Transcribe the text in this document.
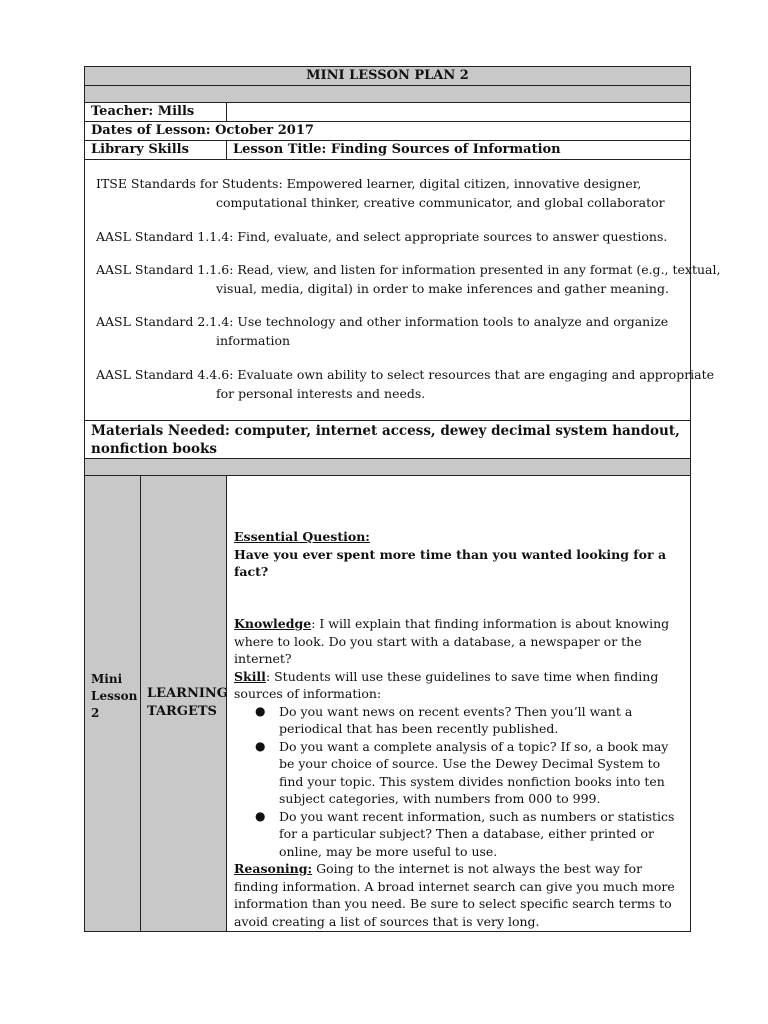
MINI LESSON PLAN 2
Teacher: Mills
Dates of Lesson: October 2017
Library Skills	Lesson Title: Finding Sources of Information
ITSE Standards for Students: Empowered learner, digital citizen, innovative designer,
computational thinker, creative communicator, and global collaborator
AASL Standard 1.1.4: Find, evaluate, and select appropriate sources to answer questions.
AASL Standard 1.1.6: Read, view, and listen for information presented in any format (e.g., textual,
visual, media, digital) in order to make inferences and gather meaning.
AASL Standard 2.1.4: Use technology and other information tools to analyze and organize
information
AASL Standard 4.4.6: Evaluate own ability to select resources that are engaging and appropriate
for personal interests and needs.
Materials Needed: computer, internet access, dewey decimal system handout, nonfiction books
Mini Lesson 2
LEARNING TARGETS
Essential Question:
Have you ever spent more time than you wanted looking for a fact?
Knowledge: I will explain that finding information is about knowing where to look. Do you start with a database, a newspaper or the internet?
Skill: Students will use these guidelines to save time when finding sources of information:
● Do you want news on recent events? Then you’ll want a periodical that has been recently published.
● Do you want a complete analysis of a topic? If so, a book may be your choice of source. Use the Dewey Decimal System to find your topic. This system divides nonfiction books into ten subject categories, with numbers from 000 to 999.
● Do you want recent information, such as numbers or statistics for a particular subject? Then a database, either printed or online, may be more useful to use.
Reasoning: Going to the internet is not always the best way for finding information. A broad internet search can give you much more information than you need. Be sure to select specific search terms to avoid creating a list of sources that is very long.
